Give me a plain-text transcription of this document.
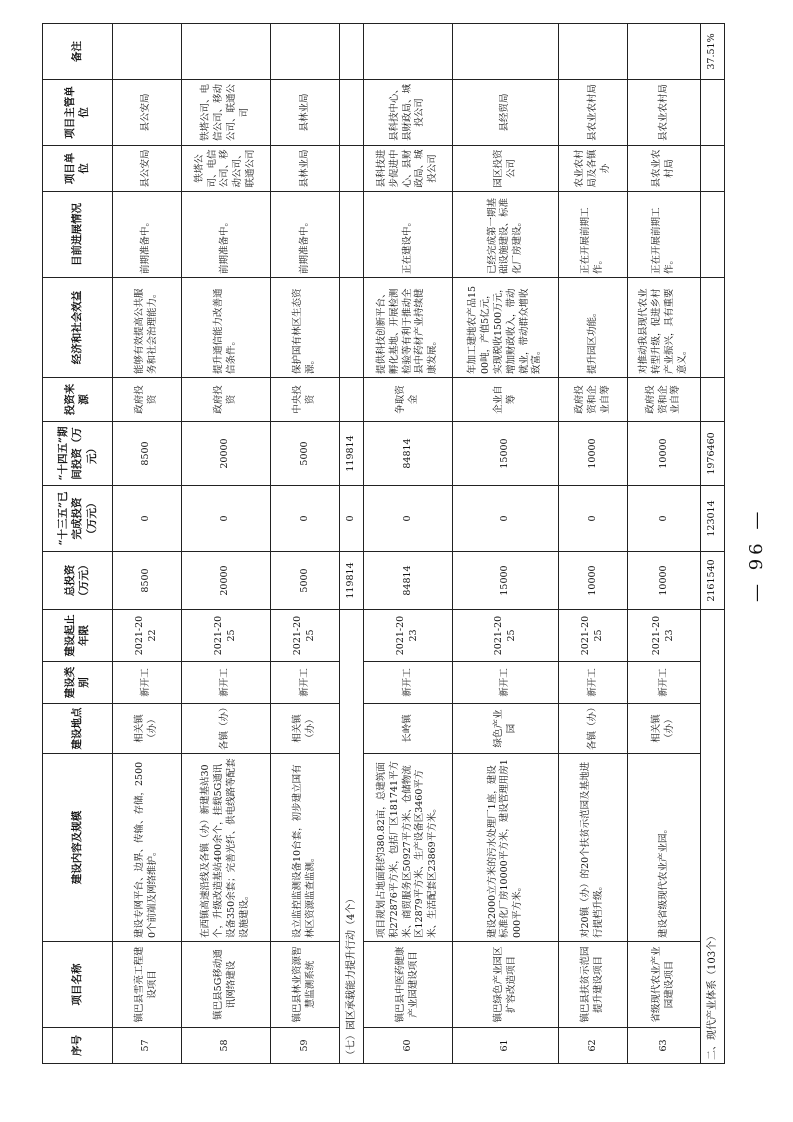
序号	项目名称	建设内容及规模	建设地点	建设类别	建设起止年限	总投资（万元）	“十三五”已完成投资（万元）	“十四五”期间投资（万元）	投资来源	经济和社会效益	目前进展情况	项目单位	项目主管单位	备注
57	镇巴县雪亮工程建设项目	建设专网平台、边界、传输、存储，25000个前端及网络维护。	相关镇（办）	新开工	2021-2022	8500	0	8500	政府投资	能够有效提高公共服务和社会治理能力。	前期准备中。	县公安局	县公安局	
58	镇巴县5G移动通讯网络建设	在西镇高速沿线及各镇（办）新建基站30个，升级改造基站400余个，挂载5G通讯设备350余套；完善光纤、供电线路等配套设施建设。	各镇（办）	新开工	2021-2025	20000	0	20000	政府投资	提升通信能力改善通信条件。	前期准备中。	铁塔公司、电信公司、移动公司、联通公司	铁塔公司、电信公司、移动公司、联通公司	
59	镇巴县林业资源智慧监测系统	设立监控监测设备10台套，初步建立国有林区资源监查监测。	相关镇（办）	新开工	2021-2025	5000	0	5000	中央投资	保护国有林区生态资源。	前期准备中。	县林业局	县林业局	
（七）园区承载能力提升行动（4个）						119814	0	119814						
60	镇巴县中医药健康产业园建设项目	项目规划占地面积约380.82亩，总建筑面积272876平方米，包括厂区181741平方米、商贸服务区50927平方米、仓储物流区12879平方米、生产设备区3460平方米、生活配套区23869平方米。	长岭镇	新开工	2021-2023	84814	0	84814	争取资金	提供科技创新平台、孵化基地、开展检测检验等有利于推动全县中药材产业持续健康发展。	正在建设中。	县科技进步促进中心、县财政局、城投公司	县科技中心、县财政局、城投公司	
61	镇巴绿色产业园区扩容改造项目	建设2000立方米的污水处理厂1座，建设标准化厂房10000平方米，建设管理用房1000平方米。	绿色产业园	新开工	2021-2025	15000	0	15000	企业自筹	年加工建地农产品1500吨，产值5亿元，实现税收1500万元，增加财政收入，带动就业，带动群众增收致富。	已经完成第一期基础设施建设、标准化厂房建设。	园区投资公司	县经贸局	
62	镇巴县扶贫示范园提升建设项目	对20镇（办）的20个扶贫示范园及基地进行提档升级。	各镇（办）	新开工	2021-2025	10000	0	10000	政府投资和企业自筹	提升园区功能。	正在开展前期工作。	农业农村局及各镇办	县农业农村局	
63	省级现代农业产业园建设项目	建设省级现代农业产业园。	相关镇（办）	新开工	2021-2023	10000	0	10000	政府投资和企业自筹	对推动我县现代农业转型升级，促进乡村产业振兴，具有重要意义。	正在开展前期工作。	县农业农村局	县农业农村局	
二、现代产业体系（103个）						2161540	123014	1976460						37.51%
— 96 —
